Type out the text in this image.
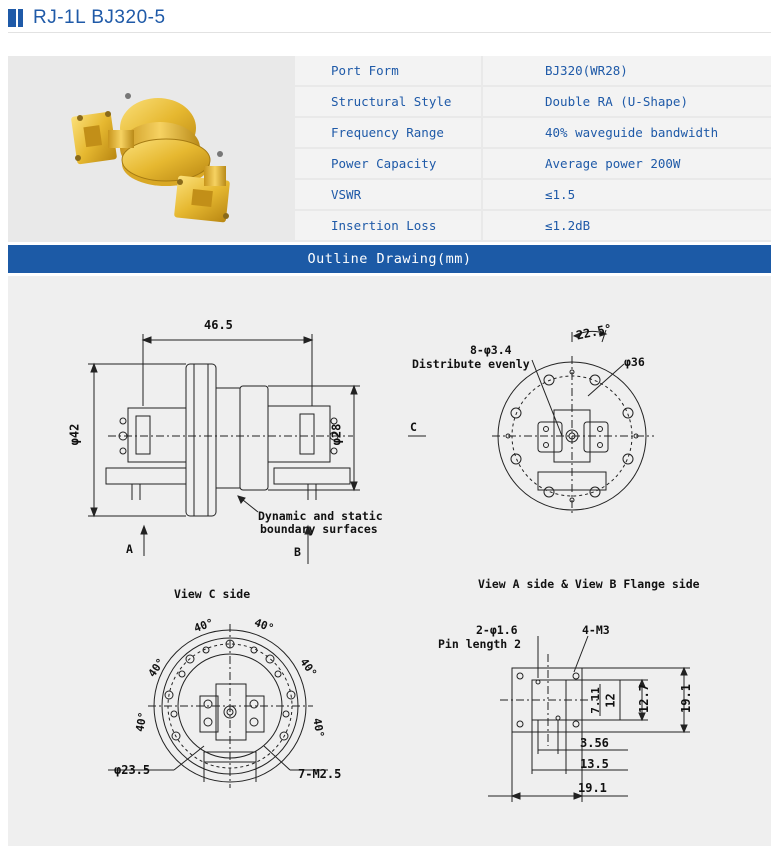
RJ-1L BJ320-5
Port Form	BJ320(WR28)
Structural Style	Double RA (U-Shape)
Frequency Range	40% waveguide bandwidth
Power Capacity	Average power 200W
VSWR	≤1.5
Insertion Loss	≤1.2dB
Outline Drawing(mm)
46.5
φ42	φ28
Dynamic and static
boundary surfaces
A	B
C
22.5°
8-φ3.4
Distribute evenly	φ36
View A side & View B Flange side
View C side
40°	40°
40°
40°
40°	40°
φ23.5	7-M2.5
2-φ1.6
Pin length 2
4-M3
7.11 12 12.7 19.1
3.56
13.5
19.1
